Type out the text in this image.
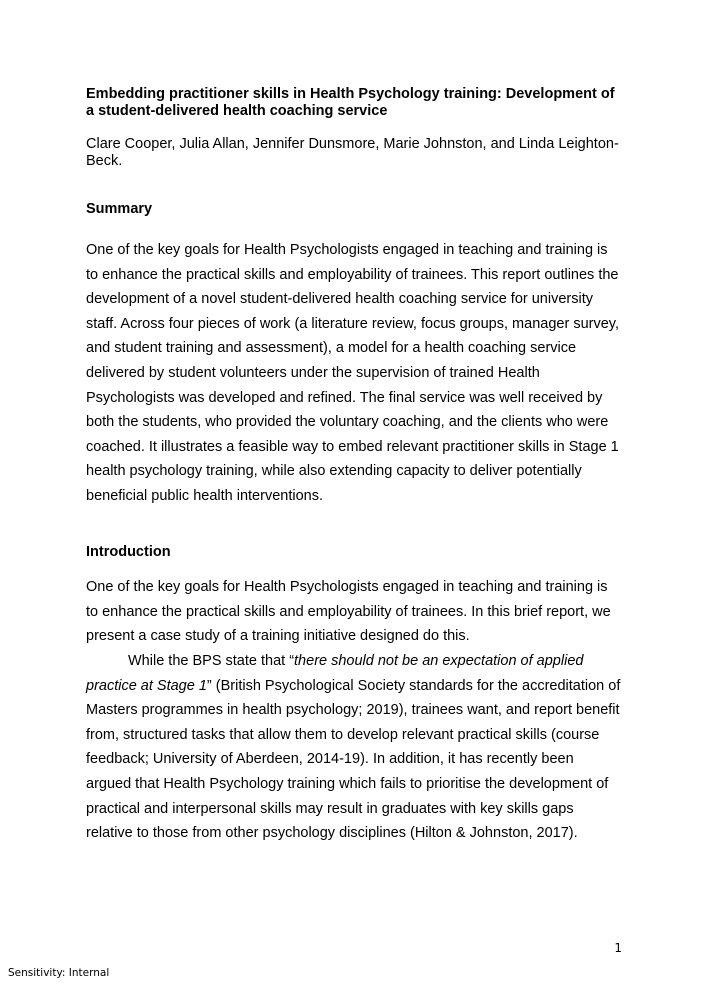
Embedding practitioner skills in Health Psychology training: Development of a student-delivered health coaching service
Clare Cooper, Julia Allan, Jennifer Dunsmore, Marie Johnston, and Linda Leighton-Beck.
Summary
One of the key goals for Health Psychologists engaged in teaching and training is to enhance the practical skills and employability of trainees. This report outlines the development of a novel student-delivered health coaching service for university staff. Across four pieces of work (a literature review, focus groups, manager survey, and student training and assessment), a model for a health coaching service delivered by student volunteers under the supervision of trained Health Psychologists was developed and refined. The final service was well received by both the students, who provided the voluntary coaching, and the clients who were coached. It illustrates a feasible way to embed relevant practitioner skills in Stage 1 health psychology training, while also extending capacity to deliver potentially beneficial public health interventions.
Introduction
One of the key goals for Health Psychologists engaged in teaching and training is to enhance the practical skills and employability of trainees. In this brief report, we present a case study of a training initiative designed do this.
While the BPS state that “there should not be an expectation of applied practice at Stage 1” (British Psychological Society standards for the accreditation of Masters programmes in health psychology; 2019), trainees want, and report benefit from, structured tasks that allow them to develop relevant practical skills (course feedback; University of Aberdeen, 2014-19). In addition, it has recently been argued that Health Psychology training which fails to prioritise the development of practical and interpersonal skills may result in graduates with key skills gaps relative to those from other psychology disciplines (Hilton & Johnston, 2017).
1
Sensitivity: Internal
